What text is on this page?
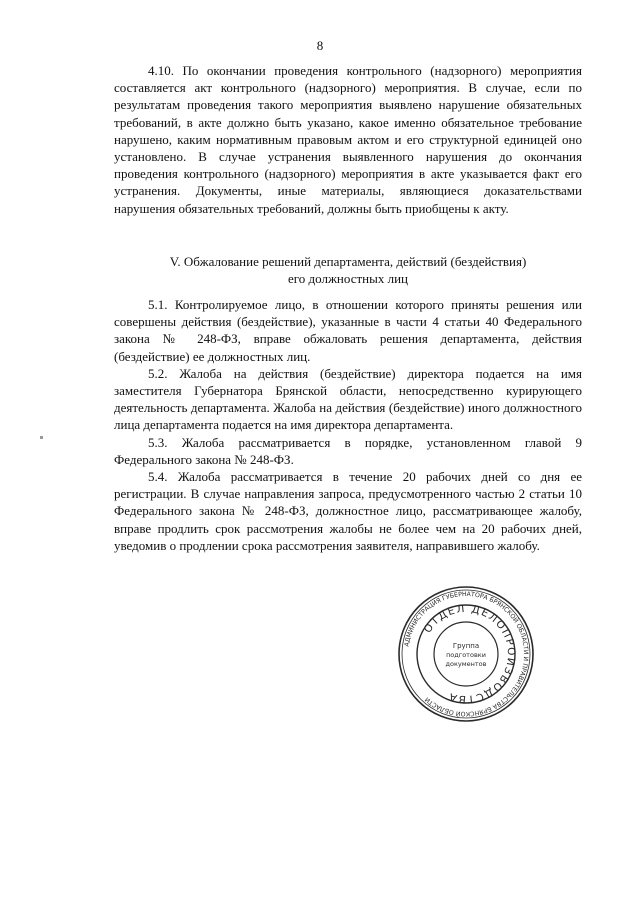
8

4.10. По окончании проведения контрольного (надзорного) мероприятия составляется акт контрольного (надзорного) мероприятия. В случае, если по результатам проведения такого мероприятия выявлено нарушение обязательных требований, в акте должно быть указано, какое именно обязательное требование нарушено, каким нормативным правовым актом и его структурной единицей оно установлено. В случае устранения выявленного нарушения до окончания проведения контрольного (надзорного) мероприятия в акте указывается факт его устранения. Документы, иные материалы, являющиеся доказательствами нарушения обязательных требований, должны быть приобщены к акту.

V. Обжалование решений департамента, действий (бездействия)
его должностных лиц

5.1. Контролируемое лицо, в отношении которого приняты решения или совершены действия (бездействие), указанные в части 4 статьи 40 Федерального закона № 248-ФЗ, вправе обжаловать решения департамента, действия (бездействие) ее должностных лиц.

5.2. Жалоба на действия (бездействие) директора подается на имя заместителя Губернатора Брянской области, непосредственно курирующего деятельность департамента. Жалоба на действия (бездействие) иного должностного лица департамента подается на имя директора департамента.

5.3. Жалоба рассматривается в порядке, установленном главой 9 Федерального закона № 248-ФЗ.

5.4. Жалоба рассматривается в течение 20 рабочих дней со дня ее регистрации. В случае направления запроса, предусмотренного частью 2 статьи 10 Федерального закона № 248-ФЗ, должностное лицо, рассматривающее жалобу, вправе продлить срок рассмотрения жалобы не более чем на 20 рабочих дней, уведомив о продлении срока рассмотрения заявителя, направившего жалобу.

АДМИНИСТРАЦИЯ ГУБЕРНАТОРА БРЯНСКОЙ ОБЛАСТИ И ПРАВИТЕЛЬСТВА БРЯНСКОЙ ОБЛАСТИ
ОТДЕЛ ДЕЛОПРОИЗВОДСТВА
Группа
подготовки
документов
